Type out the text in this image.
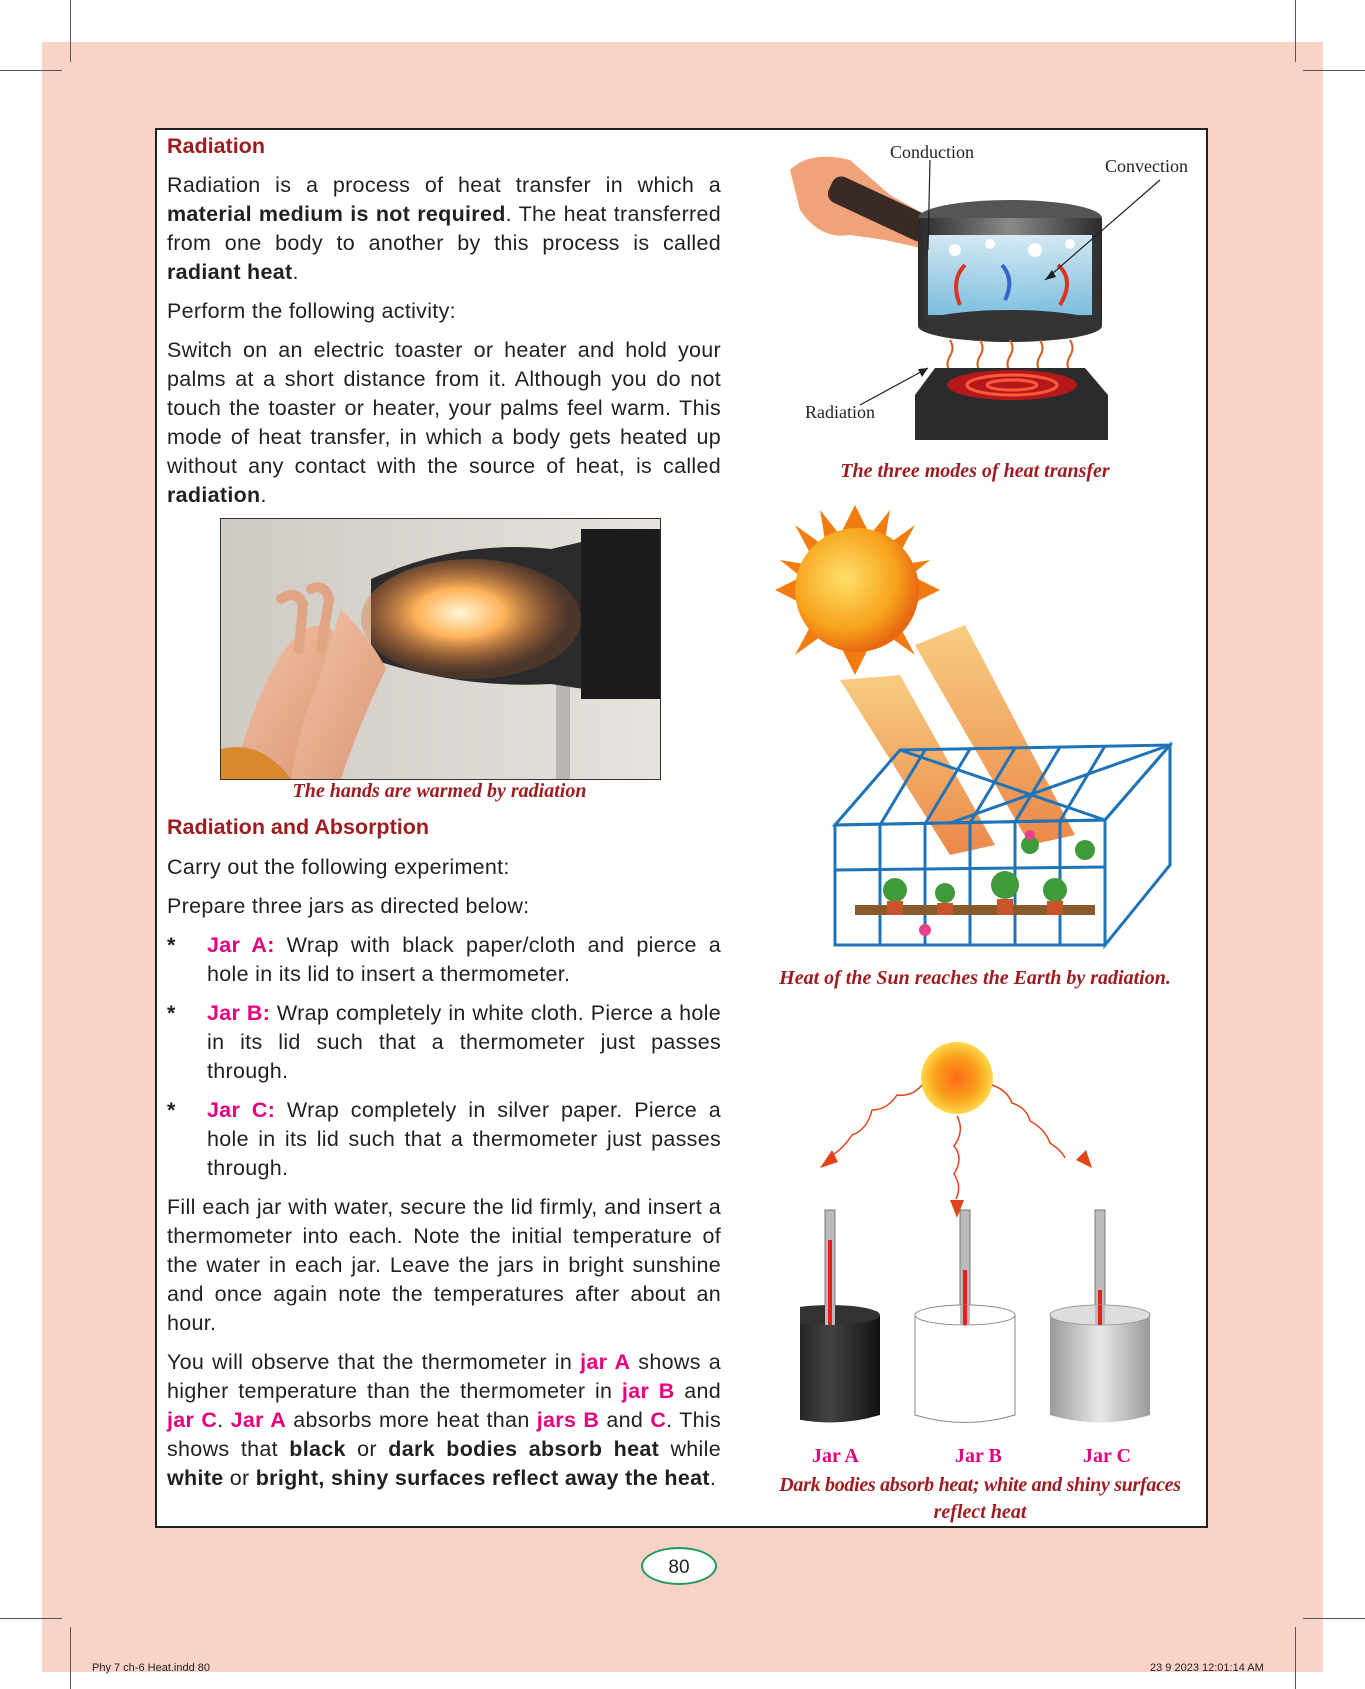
Radiation

Radiation is a process of heat transfer in which a material medium is not required. The heat transferred from one body to another by this process is called radiant heat.

Perform the following activity:

Switch on an electric toaster or heater and hold your palms at a short distance from it. Although you do not touch the toaster or heater, your palms feel warm. This mode of heat transfer, in which a body gets heated up without any contact with the source of heat, is called radiation.

The hands are warmed by radiation
Radiation and Absorption

Carry out the following experiment:

Prepare three jars as directed below:

* Jar A: Wrap with black paper/cloth and pierce a hole in its lid to insert a thermometer.

* Jar B: Wrap completely in white cloth. Pierce a hole in its lid such that a thermometer just passes through.

* Jar C: Wrap completely in silver paper. Pierce a hole in its lid such that a thermometer just passes through.

Fill each jar with water, secure the lid firmly, and insert a thermometer into each. Note the initial temperature of the water in each jar. Leave the jars in bright sunshine and once again note the temperatures after about an hour.

You will observe that the thermometer in jar A shows a higher temperature than the thermometer in jar B and jar C. Jar A absorbs more heat than jars B and C. This shows that black or dark bodies absorb heat while white or bright, shiny surfaces reflect away the heat.

Conduction
Convection
Radiation
The three modes of heat transfer
Heat of the Sun reaches the Earth by radiation.
Jar A	Jar B	Jar C
Dark bodies absorb heat; white and shiny surfaces
reflect heat
80
Phy 7 ch-6 Heat.indd 80	23 9 2023 12:01:14 AM
